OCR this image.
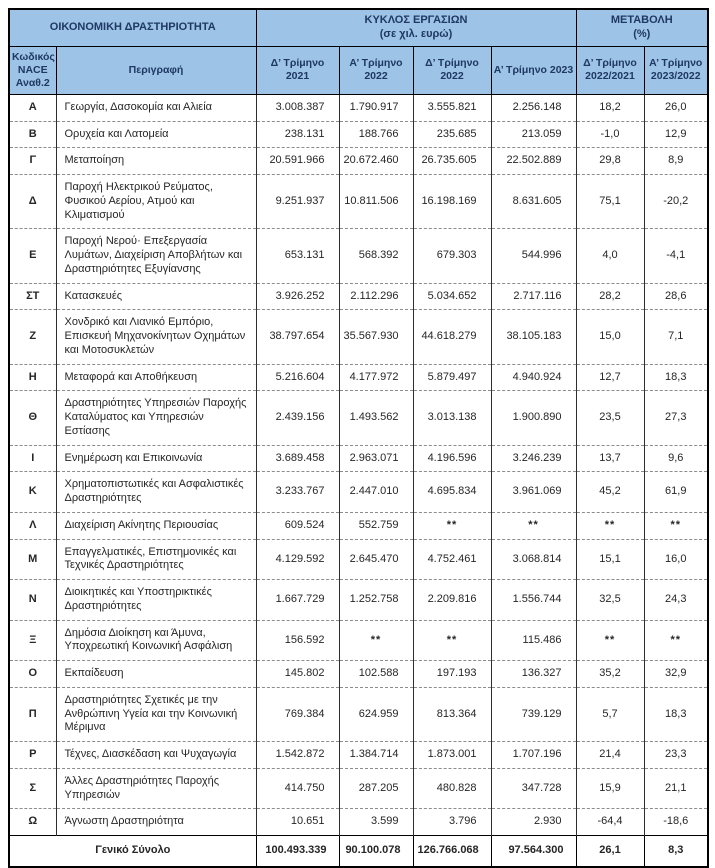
ΟΙΚΟΝΟΜΙΚΗ ΔΡΑΣΤΗΡΙΟΤΗΤΑ	
ΚΥΚΛΟΣ ΕΡΓΑΣΙΩΝ
(σε χιλ. ευρώ)

ΜΕΤΑΒΟΛΗ
(%)

Κωδικός NACE Αναθ.2	Περιγραφή	Δ’ Τρίμηνο 2021	Α’ Τρίμηνο 2022	Δ’ Τρίμηνο 2022	Α’ Τρίμηνο 2023	Δ’ Τρίμηνο 2022/2021	Α’ Τρίμηνο 2023/2022
Α	Γεωργία, Δασοκομία και Αλιεία	3.008.387	1.790.917	3.555.821	2.256.148	18,2	26,0
Β	Ορυχεία και Λατομεία	238.131	188.766	235.685	213.059	-1,0	12,9
Γ	Μεταποίηση	20.591.966	20.672.460	26.735.605	22.502.889	29,8	8,9
Δ	Παροχή Ηλεκτρικού Ρεύματος, Φυσικού Αερίου, Ατμού και Κλιματισμού	9.251.937	10.811.506	16.198.169	8.631.605	75,1	-20,2
Ε	Παροχή Νερού· Επεξεργασία Λυμάτων, Διαχείριση Αποβλήτων και Δραστηριότητες Εξυγίανσης	653.131	568.392	679.303	544.996	4,0	-4,1
ΣΤ	Κατασκευές	3.926.252	2.112.296	5.034.652	2.717.116	28,2	28,6
Ζ	Χονδρικό και Λιανικό Εμπόριο, Επισκευή Μηχανοκίνητων Οχημάτων και Μοτοσυκλετών	38.797.654	35.567.930	44.618.279	38.105.183	15,0	7,1
Η	Μεταφορά και Αποθήκευση	5.216.604	4.177.972	5.879.497	4.940.924	12,7	18,3
Θ	Δραστηριότητες Υπηρεσιών Παροχής Καταλύματος και Υπηρεσιών Εστίασης	2.439.156	1.493.562	3.013.138	1.900.890	23,5	27,3
Ι	Ενημέρωση και Επικοινωνία	3.689.458	2.963.071	4.196.596	3.246.239	13,7	9,6
Κ	Χρηματοπιστωτικές και Ασφαλιστικές Δραστηριότητες	3.233.767	2.447.010	4.695.834	3.961.069	45,2	61,9
Λ	Διαχείριση Ακίνητης Περιουσίας	609.524	552.759	**	**	**	**
Μ	Επαγγελματικές, Επιστημονικές και Τεχνικές Δραστηριότητες	4.129.592	2.645.470	4.752.461	3.068.814	15,1	16,0
Ν	Διοικητικές και Υποστηρικτικές Δραστηριότητες	1.667.729	1.252.758	2.209.816	1.556.744	32,5	24,3
Ξ	Δημόσια Διοίκηση και Άμυνα, Υποχρεωτική Κοινωνική Ασφάλιση	156.592	**	**	115.486	**	**
Ο	Εκπαίδευση	145.802	102.588	197.193	136.327	35,2	32,9
Π	Δραστηριότητες Σχετικές με την Ανθρώπινη Υγεία και την Κοινωνική Μέριμνα	769.384	624.959	813.364	739.129	5,7	18,3
Ρ	Τέχνες, Διασκέδαση και Ψυχαγωγία	1.542.872	1.384.714	1.873.001	1.707.196	21,4	23,3
Σ	Άλλες Δραστηριότητες Παροχής Υπηρεσιών	414.750	287.205	480.828	347.728	15,9	21,1
Ω	Άγνωστη Δραστηριότητα	10.651	3.599	3.796	2.930	-64,4	-18,6
Γενικό Σύνολο		100.493.339	90.100.078	126.766.068	97.564.300	26,1	8,3
